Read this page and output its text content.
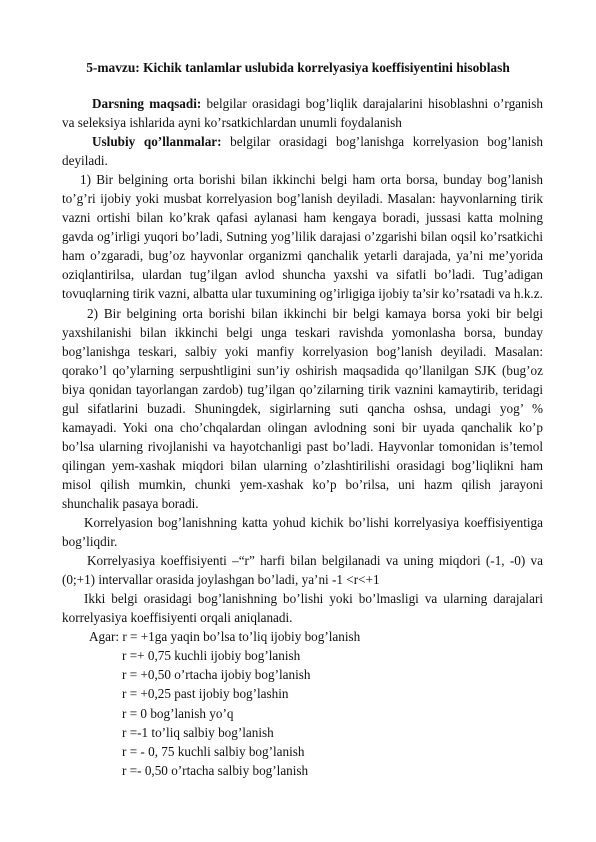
5-mavzu: Kichik tanlamlar uslubida korrelyasiya koeffisiyentini hisoblash

Darsning maqsadi: belgilar orasidagi bog’liqlik darajalarini hisoblashni o’rganish va seleksiya ishlarida ayni ko’rsatkichlardan unumli foydalanish

Uslubiy qo’llanmalar: belgilar orasidagi bog’lanishga korrelyasion bog’lanish deyiladi.

1) Bir belgining orta borishi bilan ikkinchi belgi ham orta borsa, bunday bog’lanish to’g’ri ijobiy yoki musbat korrelyasion bog’lanish deyiladi. Masalan: hayvonlarning tirik vazni ortishi bilan ko’krak qafasi aylanasi ham kengaya boradi, jussasi katta molning gavda og’irligi yuqori bo’ladi, Sutning yog’lilik darajasi o’zgarishi bilan oqsil ko’rsatkichi ham o’zgaradi, bug’oz hayvonlar organizmi qanchalik yetarli darajada, ya’ni me’yorida oziqlantirilsa, ulardan tug’ilgan avlod shuncha yaxshi va sifatli bo’ladi. Tug’adigan tovuqlarning tirik vazni, albatta ular tuxumining og’irligiga ijobiy ta’sir ko’rsatadi va h.k.z.

2) Bir belgining orta borishi bilan ikkinchi bir belgi kamaya borsa yoki bir belgi yaxshilanishi bilan ikkinchi belgi unga teskari ravishda yomonlasha borsa, bunday bog’lanishga teskari, salbiy yoki manfiy korrelyasion bog’lanish deyiladi. Masalan: qorako’l qo’ylarning serpushtligini sun’iy oshirish maqsadida qo’llanilgan SJK (bug’oz biya qonidan tayorlangan zardob) tug’ilgan qo’zilarning tirik vaznini kamaytirib, teridagi gul sifatlarini buzadi. Shuningdek, sigirlarning suti qancha oshsa, undagi yog’ % kamayadi. Yoki ona cho’chqalardan olingan avlodning soni bir uyada qanchalik ko’p bo’lsa ularning rivojlanishi va hayotchanligi past bo’ladi. Hayvonlar tomonidan is’temol qilingan yem-xashak miqdori bilan ularning o’zlashtirilishi orasidagi bog’liqlikni ham misol qilish mumkin, chunki yem-xashak ko’p bo’rilsa, uni hazm qilish jarayoni shunchalik pasaya boradi.

Korrelyasion bog’lanishning katta yohud kichik bo’lishi korrelyasiya koeffisiyentiga bog’liqdir.

Korrelyasiya koeffisiyenti –“r” harfi bilan belgilanadi va uning miqdori (-1, -0) va (0;+1) intervallar orasida joylashgan bo’ladi, ya’ni -1 <r<+1

Ikki belgi orasidagi bog’lanishning bo’lishi yoki bo’lmasligi va ularning darajalari korrelyasiya koeffisiyenti orqali aniqlanadi.

Agar: r = +1ga yaqin bo’lsa to’liq ijobiy bog’lanish

r =+ 0,75 kuchli ijobiy bog’lanish

r = +0,50 o’rtacha ijobiy bog’lanish

r = +0,25 past ijobiy bog’lashin

r = 0 bog’lanish yo’q

r =-1 to’liq salbiy bog’lanish

r = - 0, 75 kuchli salbiy bog’lanish

r =- 0,50 o’rtacha salbiy bog’lanish
